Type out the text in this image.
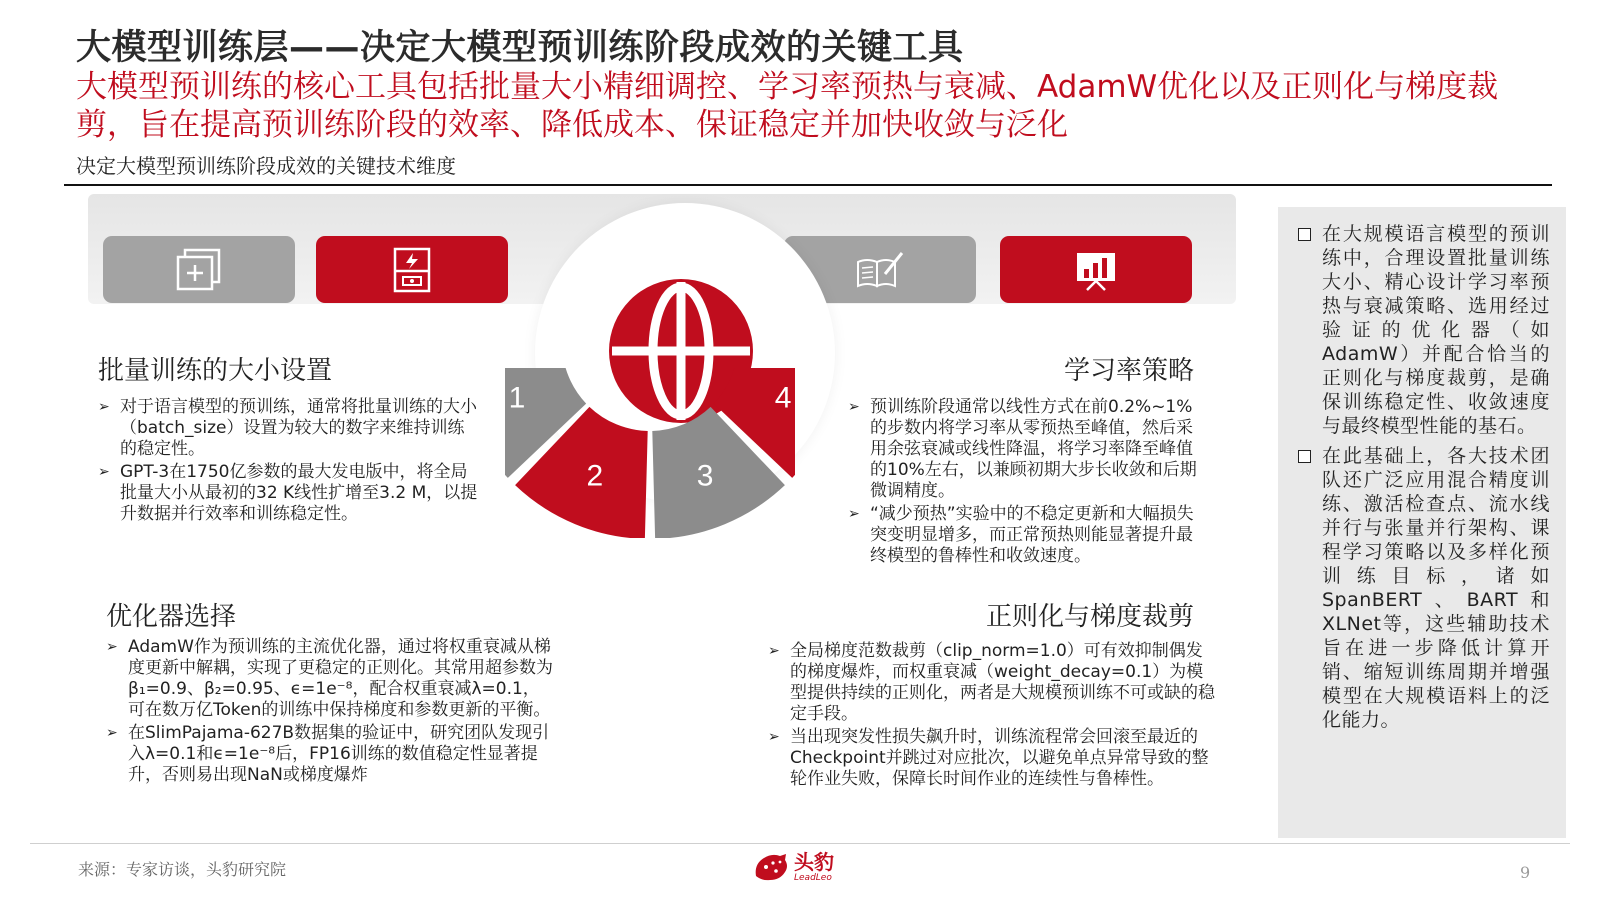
大模型训练层——决定大模型预训练阶段成效的关键工具
大模型预训练的核心工具包括批量大小精细调控、学习率预热与衰减、AdamW优化以及正则化与梯度裁剪，旨在提高预训练阶段的效率、降低成本、保证稳定并加快收敛与泛化
决定大模型预训练阶段成效的关键技术维度
1
2	3
4
批量训练的大小设置
➢ 对于语言模型的预训练，通常将批量训练的大小（batch_size）设置为较大的数字来维持训练的稳定性。
➢ GPT-3在1750亿参数的最大发电版中，将全局批量大小从最初的32 K线性扩增至3.2 M，以提升数据并行效率和训练稳定性。
学习率策略
➢ 预训练阶段通常以线性方式在前0.2%~1%的步数内将学习率从零预热至峰值，然后采用余弦衰减或线性降温，将学习率降至峰值的10%左右，以兼顾初期大步长收敛和后期微调精度。
➢ “减少预热”实验中的不稳定更新和大幅损失突变明显增多，而正常预热则能显著提升最终模型的鲁棒性和收敛速度。
优化器选择
➢ AdamW作为预训练的主流优化器，通过将权重衰减从梯度更新中解耦，实现了更稳定的正则化。其常用超参数为β₁=0.9、β₂=0.95、ϵ=1e⁻⁸，配合权重衰减λ=0.1，可在数万亿Token的训练中保持梯度和参数更新的平衡。
➢ 在SlimPajama-627B数据集的验证中，研究团队发现引入λ=0.1和ϵ=1e⁻⁸后，FP16训练的数值稳定性显著提升，否则易出现NaN或梯度爆炸
正则化与梯度裁剪
➢ 全局梯度范数裁剪（clip_norm=1.0）可有效抑制偶发的梯度爆炸，而权重衰减（weight_decay=0.1）为模型提供持续的正则化，两者是大规模预训练不可或缺的稳定手段。
➢ 当出现突发性损失飙升时，训练流程常会回滚至最近的Checkpoint并跳过对应批次，以避免单点异常导致的整轮作业失败，保障长时间作业的连续性与鲁棒性。
在大规模语言模型的预训练中，合理设置批量训练大小、精心设计学习率预热与衰减策略、选用经过验证的优化器（如AdamW）并配合恰当的正则化与梯度裁剪，是确保训练稳定性、收敛速度与最终模型性能的基石。
在此基础上，各大技术团队还广泛应用混合精度训练、激活检查点、流水线并行与张量并行架构、课程学习策略以及多样化预训练目标，诸如SpanBERT、BART和XLNet等，这些辅助技术旨在进一步降低计算开销、缩短训练周期并增强模型在大规模语料上的泛化能力。
来源：专家访谈，头豹研究院	头豹
LeadLeo	9
